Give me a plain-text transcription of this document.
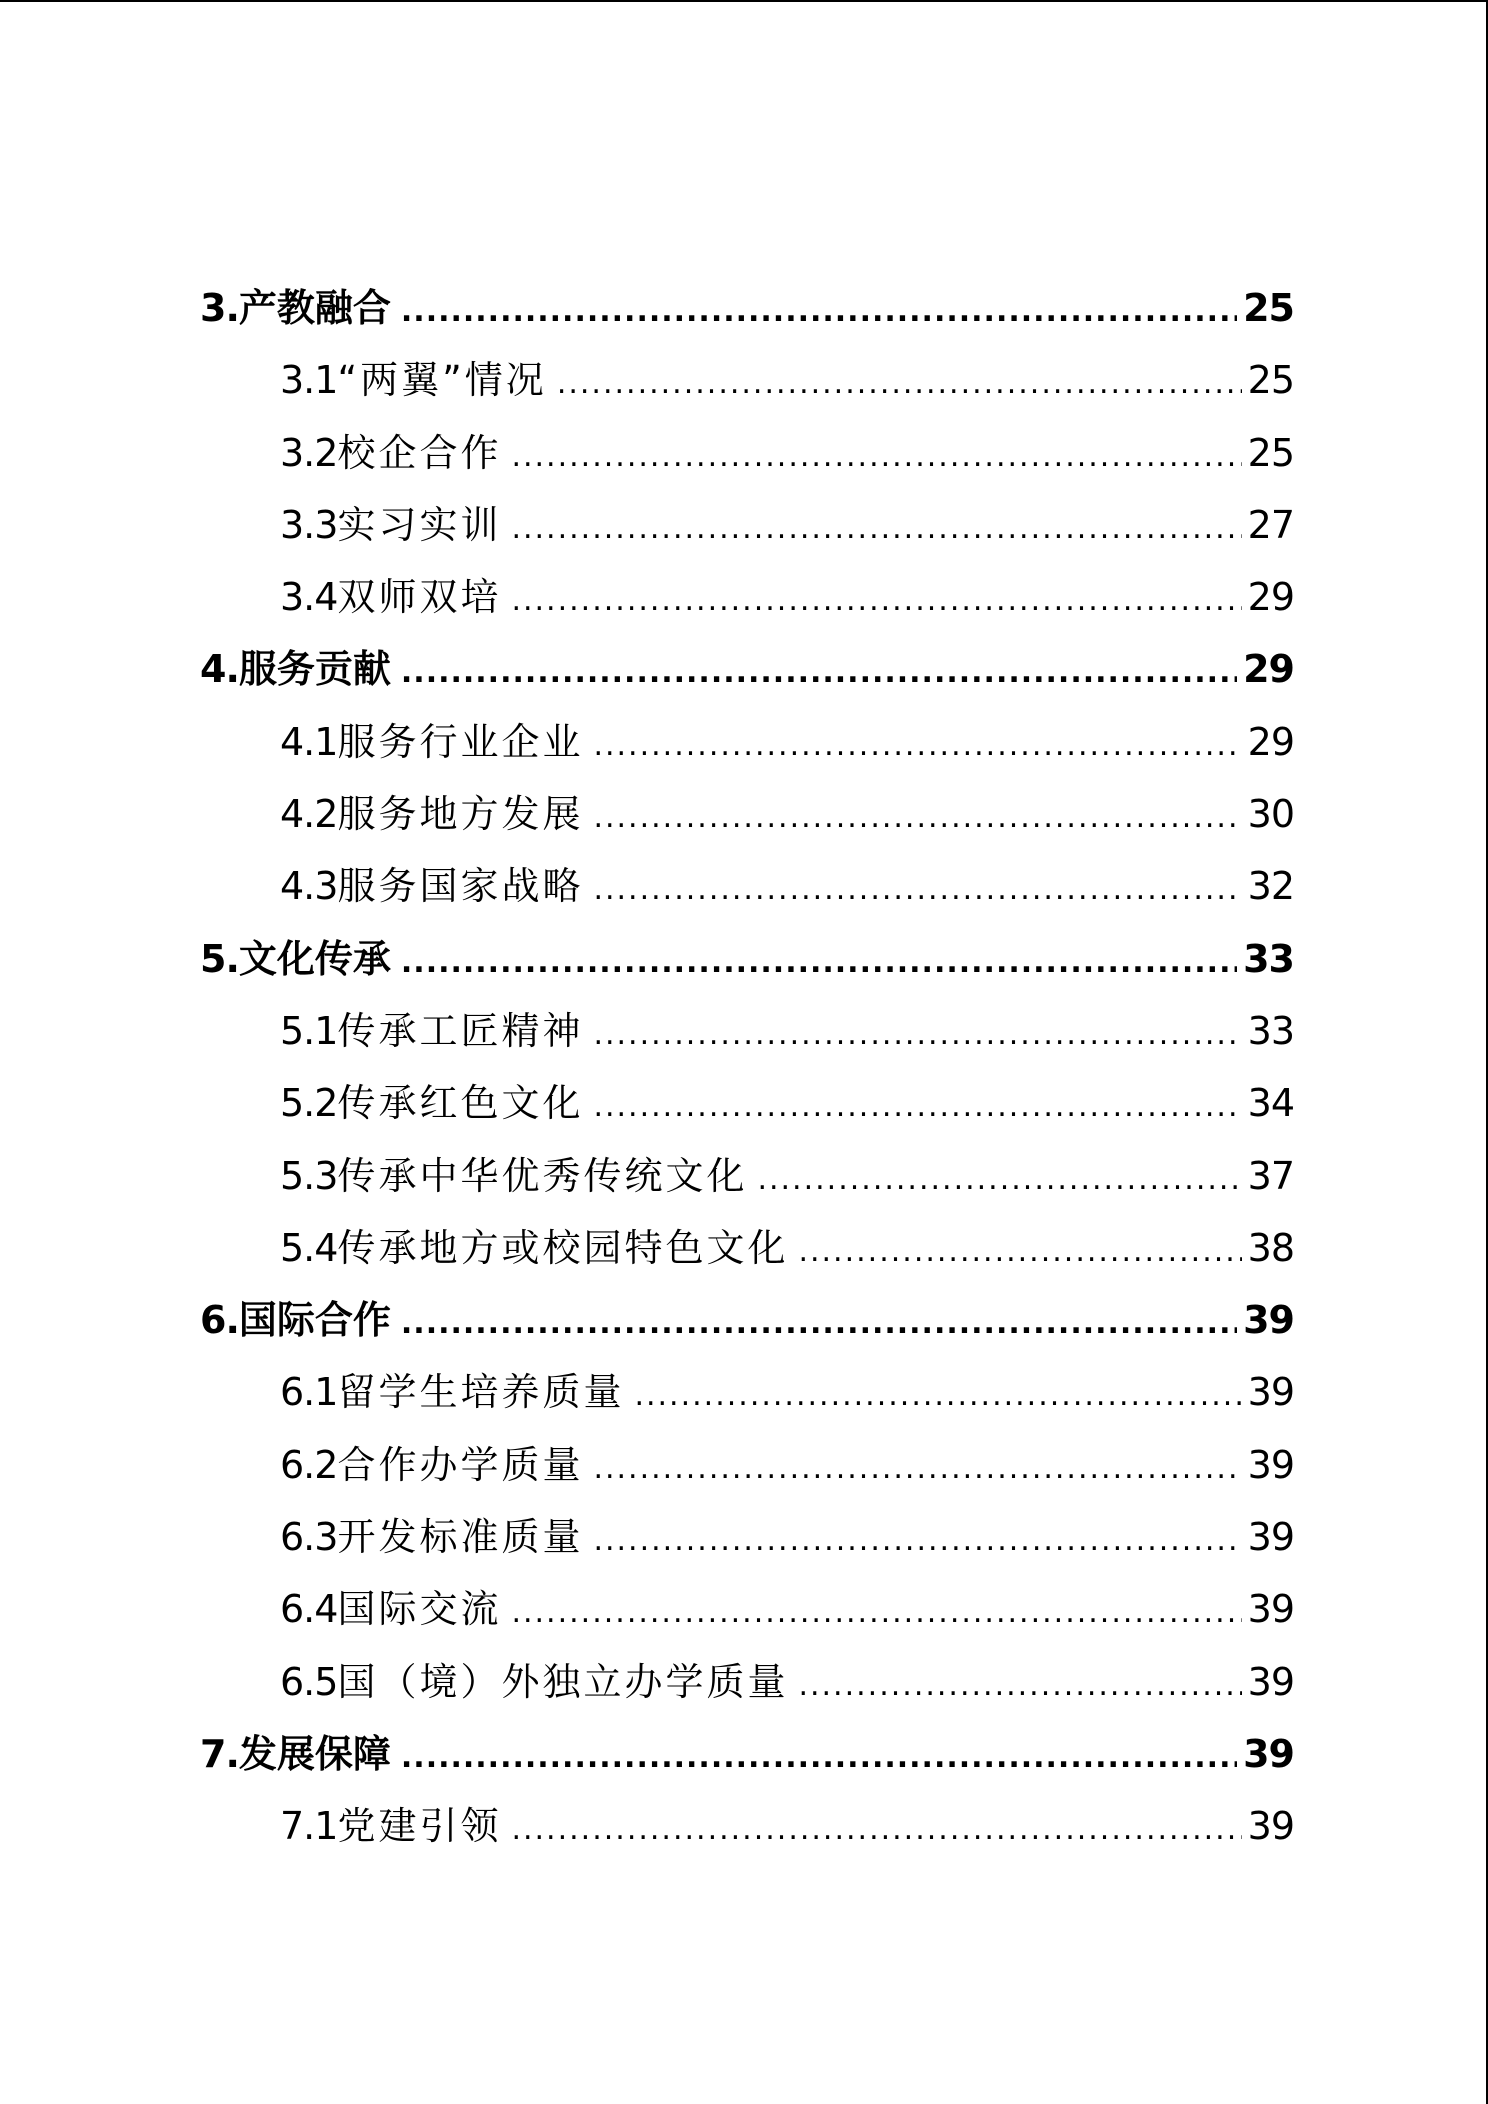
3. 产教融合 .....	25
3.1 “两翼”情况 .....	25
3.2 校企合作 .....	25
3.3 实习实训 .....	27
3.4 双师双培 .....	29
4. 服务贡献 .....	29
4.1 服务行业企业 .....	29
4.2 服务地方发展 .....	30
4.3 服务国家战略 .....	32
5. 文化传承 .....	33
5.1 传承工匠精神 .....	33
5.2 传承红色文化 .....	34
5.3 传承中华优秀传统文化 .....	37
5.4 传承地方或校园特色文化 .....	38
6. 国际合作 .....	39
6.1 留学生培养质量 .....	39
6.2 合作办学质量 .....	39
6.3 开发标准质量 .....	39
6.4 国际交流 .....	39
6.5 国（境）外独立办学质量 .....	39
7. 发展保障 .....	39
7.1 党建引领 .....	39
